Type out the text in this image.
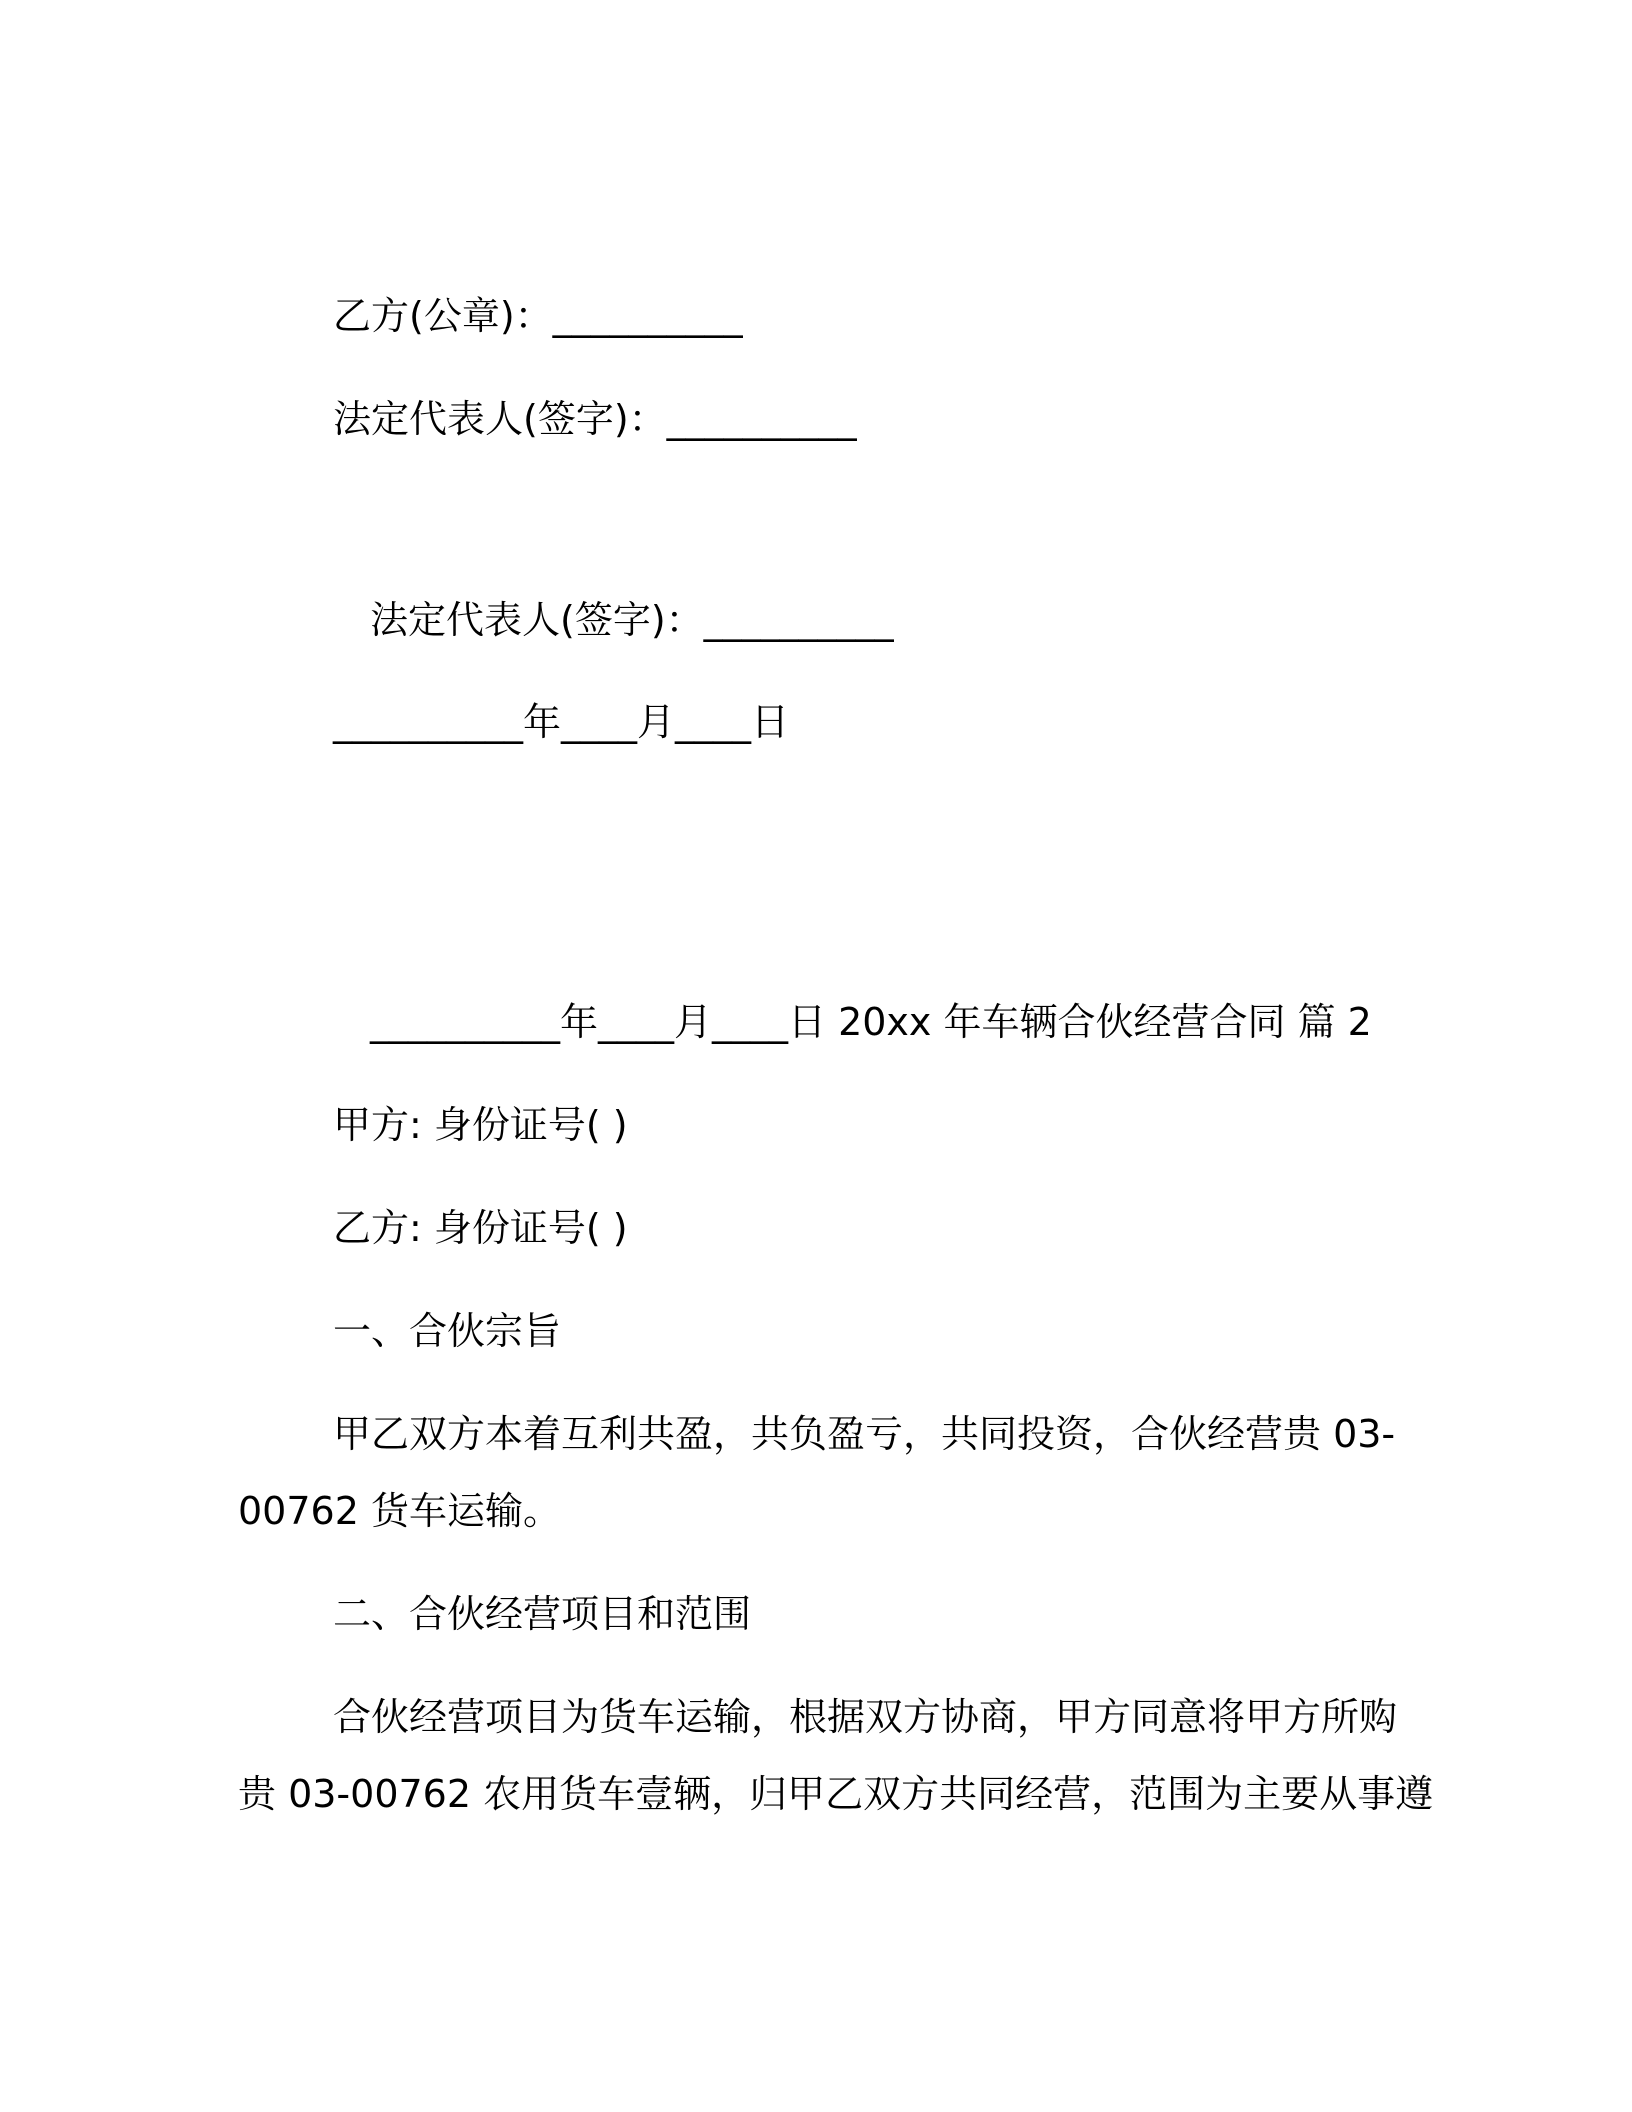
乙方(公章)：__________

法定代表人(签字)：__________

法定代表人(签字)：__________

__________年____月____日

__________年____月____日 20xx 年车辆合伙经营合同 篇 2

甲方: 身份证号( )

乙方: 身份证号( )

一、合伙宗旨

甲乙双方本着互利共盈，共负盈亏，共同投资，合伙经营贵 03-

00762 货车运输。

二、合伙经营项目和范围

合伙经营项目为货车运输，根据双方协商，甲方同意将甲方所购

贵 03-00762 农用货车壹辆，归甲乙双方共同经营，范围为主要从事遵
